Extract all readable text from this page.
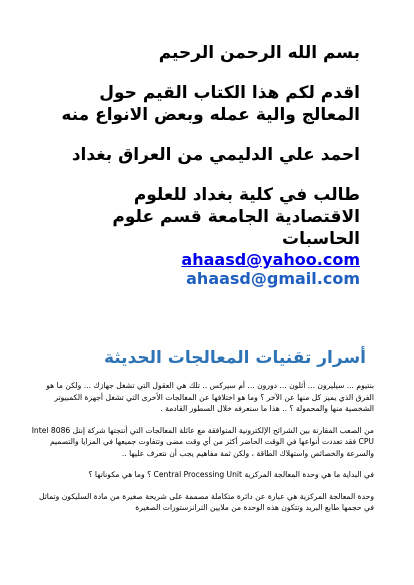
بسم الله الرحمن الرحيم

اقدم لكم هذا الكتاب القيم حول

المعالج والية عمله وبعض الانواع منه

احمد علي الدليمي من العراق بغداد

طالب في كلية بغداد للعلوم

الاقتصادية الجامعة قسم علوم

الحاسبات

ahaasd@yahoo.com

ahaasd@gmail.com

أسرار تقنيات المعالجات الحديثة

بنتيوم ... سيليرون ... أثلون ... دورون ... أم سيركس .. تلك هي العقول التي تشغل جهازك ... ولكن ما هو الفرق الذي يميز كل منها عن الآخر ؟ وما هو اختلافها عن المعالجات الأخرى التي تشغل أجهزة الكمبيوتر الشخصية منها والمحمولة ؟ .. هذا ما سنعرفه خلال السطور القادمة .

من الصعب المقارنة بين الشرائح الإلكترونية المتوافقة مع عائلة المعالجات التي أنتجتها شركة إنتل Intel 8086 CPU فقد تعددت أنواعها في الوقت الحاضر أكثر من أي وقت مضى وتتفاوت جميعها في المزايا والتصميم والسرعة والخصائص واستهلاك الطاقة ، ولكن ثمة مفاهيم يجب أن نتعرف عليها ..

في البداية ما هي وحدة المعالجة المركزية Central Processing Unit ؟ وما هي مكوناتها ؟

وحدة المعالجة المركزية هي عبارة عن دائرة متكاملة مصممة على شريحة صغيرة من مادة السليكون وتماثل في حجمها طابع البريد وتتكون هذه الوحدة من ملايين الترانزستورات الصغيرة
